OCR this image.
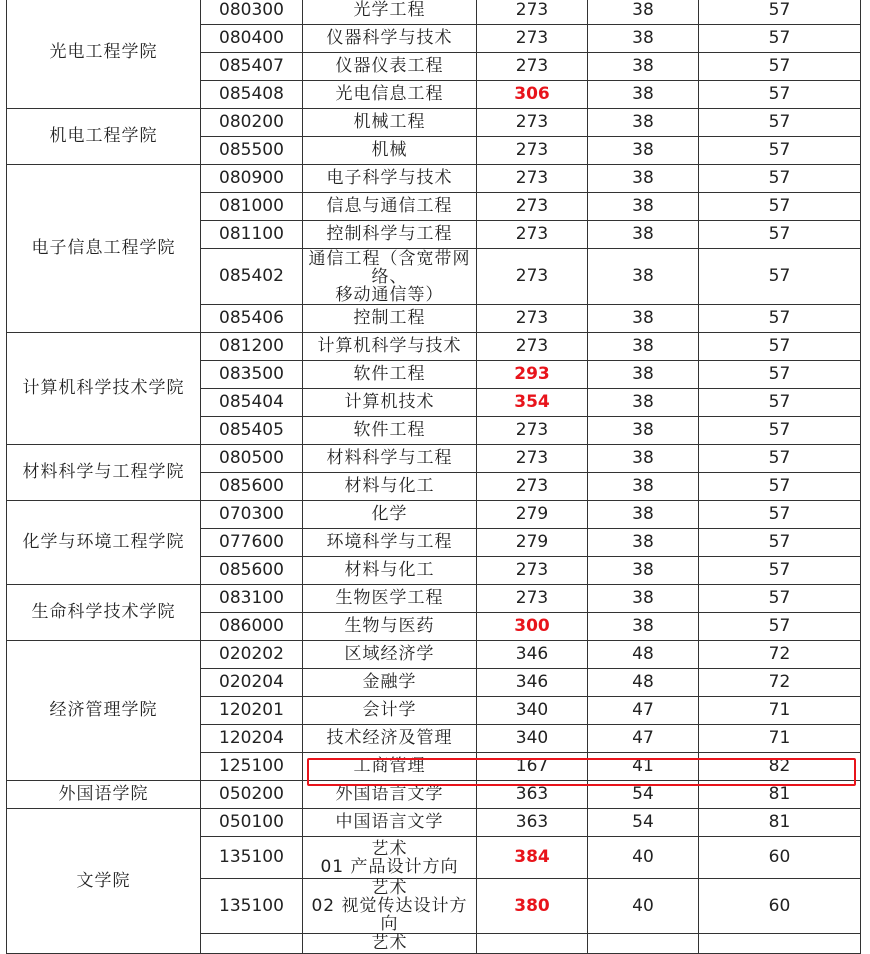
光电工程学院	080300	光学工程	273	38	57
	080400	仪器科学与技术	273	38	57
	085407	仪器仪表工程	273	38	57
	085408	光电信息工程	306	38	57
机电工程学院	080200	机械工程	273	38	57
	085500	机械	273	38	57
电子信息工程学院	080900	电子科学与技术	273	38	57
	081000	信息与通信工程	273	38	57
	081100	控制科学与工程	273	38	57
	085402	通信工程（含宽带网络、
移动通信等）	273	38	57
	085406	控制工程	273	38	57
计算机科学技术学院	081200	计算机科学与技术	273	38	57
	083500	软件工程	293	38	57
	085404	计算机技术	354	38	57
	085405	软件工程	273	38	57
材料科学与工程学院	080500	材料科学与工程	273	38	57
	085600	材料与化工	273	38	57
化学与环境工程学院	070300	化学	279	38	57
	077600	环境科学与工程	279	38	57
	085600	材料与化工	273	38	57
生命科学技术学院	083100	生物医学工程	273	38	57
	086000	生物与医药	300	38	57
经济管理学院	020202	区域经济学	346	48	72
	020204	金融学	346	48	72
	120201	会计学	340	47	71
	120204	技术经济及管理	340	47	71
	125100	工商管理	167	41	82
外国语学院	050200	外国语言文学	363	54	81
文学院	050100	中国语言文学	363	54	81
	135100	艺术
01 产品设计方向	384	40	60
	135100	艺术
02 视觉传达设计方向	380	40	60

		艺术			
